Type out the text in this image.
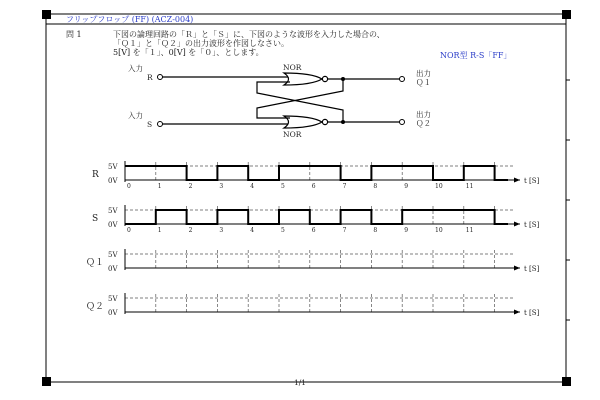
フリップフロップ (FF) (ACZ-004)
問 1	下図の論理回路の「Ｒ」と「Ｓ」に、下図のような波形を入力した場合の、
「Ｑ１」と「Ｑ２」の出力波形を作図しなさい。
5[V] を「１」、0[V] を「０」、とします。	NOR型 R-S「FF」
入力
R
入力
S
NOR
出力
Ｑ１
NOR
出力
Ｑ２
R
5V
0V	t [S]
0	1	2	3	4	5	6	7	8	9	10	11
S
5V
0V	t [S]
0	1	2	3	4	5	6	7	8	9	10	11
Ｑ１
5V
0V	t [S]
Ｑ２
5V
0V	t [S]
1/1
